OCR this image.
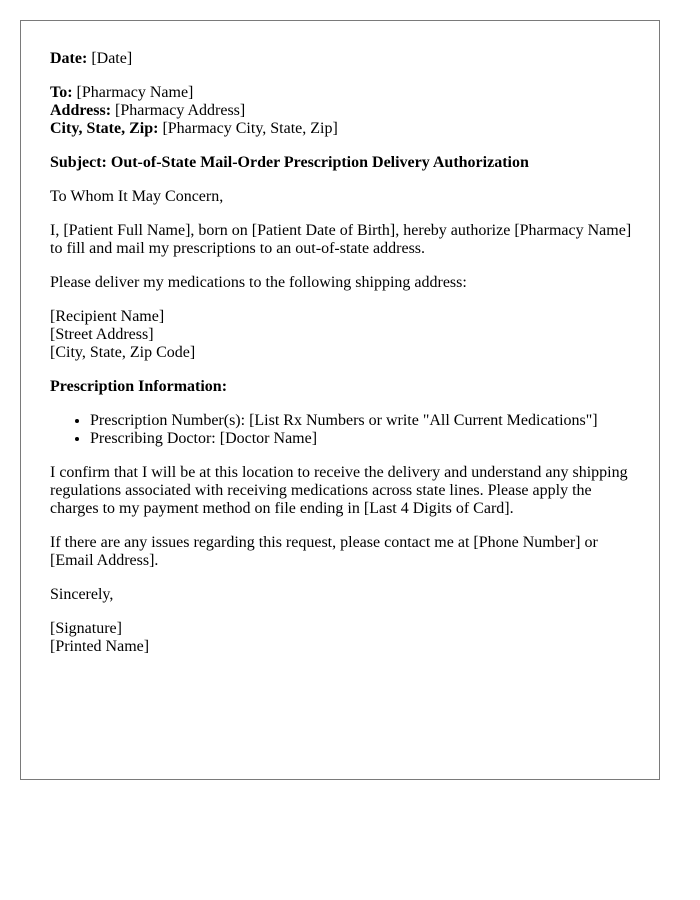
Date: [Date]

To: [Pharmacy Name]

Address: [Pharmacy Address]

City, State, Zip: [Pharmacy City, State, Zip]

Subject: Out-of-State Mail-Order Prescription Delivery Authorization

To Whom It May Concern,

I, [Patient Full Name], born on [Patient Date of Birth], hereby authorize [Pharmacy Name] to fill and mail my prescriptions to an out-of-state address.

Please deliver my medications to the following shipping address:

[Recipient Name]

[Street Address]

[City, State, Zip Code]

Prescription Information:

• Prescription Number(s): [List Rx Numbers or write "All Current Medications"]
• Prescribing Doctor: [Doctor Name]

I confirm that I will be at this location to receive the delivery and understand any shipping regulations associated with receiving medications across state lines. Please apply the charges to my payment method on file ending in [Last 4 Digits of Card].

If there are any issues regarding this request, please contact me at [Phone Number] or [Email Address].

Sincerely,

[Signature]

[Printed Name]
